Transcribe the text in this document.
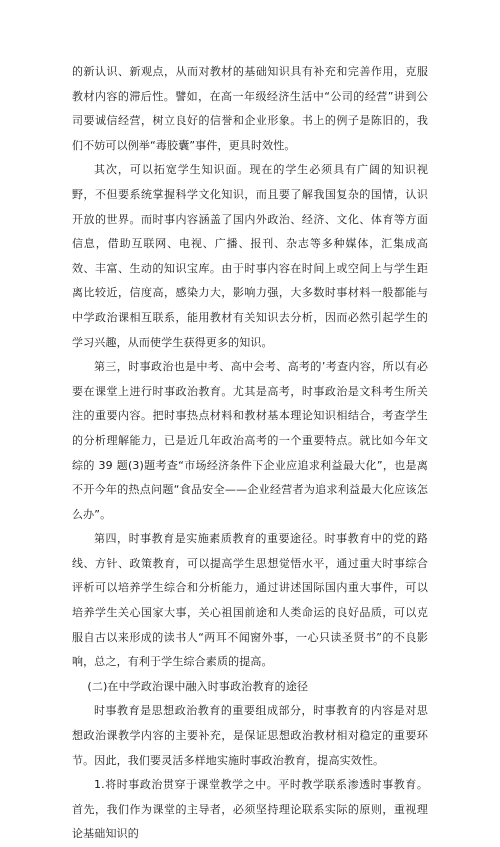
的新认识、新观点，从而对教材的基础知识具有补充和完善作用，克服教材内容的滞后性。譬如，在高一年级经济生活中“公司的经营”讲到公司要诚信经营，树立良好的信誉和企业形象。书上的例子是陈旧的，我们不妨可以例举“毒胶囊”事件，更具时效性。

其次，可以拓宽学生知识面。现在的学生必须具有广阔的知识视野，不但要系统掌握科学文化知识，而且要了解我国复杂的国情，认识开放的世界。而时事内容涵盖了国内外政治、经济、文化、体育等方面信息，借助互联网、电视、广播、报刊、杂志等多种媒体，汇集成高效、丰富、生动的知识宝库。由于时事内容在时间上或空间上与学生距离比较近，信度高，感染力大，影响力强，大多数时事材料一般都能与中学政治课相互联系，能用教材有关知识去分析，因而必然引起学生的学习兴趣，从而使学生获得更多的知识。

第三，时事政治也是中考、高中会考、高考的’考查内容，所以有必要在课堂上进行时事政治教育。尤其是高考，时事政治是文科考生所关注的重要内容。把时事热点材料和教材基本理论知识相结合，考查学生的分析理解能力，已是近几年政治高考的一个重要特点。就比如今年文综的 39 题(3)题考查“市场经济条件下企业应追求利益最大化”，也是离不开今年的热点问题“食品安全——企业经营者为追求利益最大化应该怎么办”。

第四，时事教育是实施素质教育的重要途径。时事教育中的党的路线、方针、政策教育，可以提高学生思想觉悟水平，通过重大时事综合评析可以培养学生综合和分析能力，通过讲述国际国内重大事件，可以培养学生关心国家大事，关心祖国前途和人类命运的良好品质，可以克服自古以来形成的读书人“两耳不闻窗外事，一心只读圣贤书”的不良影响，总之，有利于学生综合素质的提高。

(二)在中学政治课中融入时事政治教育的途径

时事教育是思想政治教育的重要组成部分，时事教育的内容是对思想政治课教学内容的主要补充，是保证思想政治教材相对稳定的重要环节。因此，我们要灵活多样地实施时事政治教育，提高实效性。

1.将时事政治贯穿于课堂教学之中。平时教学联系渗透时事教育。首先，我们作为课堂的主导者，必须坚持理论联系实际的原则，重视理论基础知识的
